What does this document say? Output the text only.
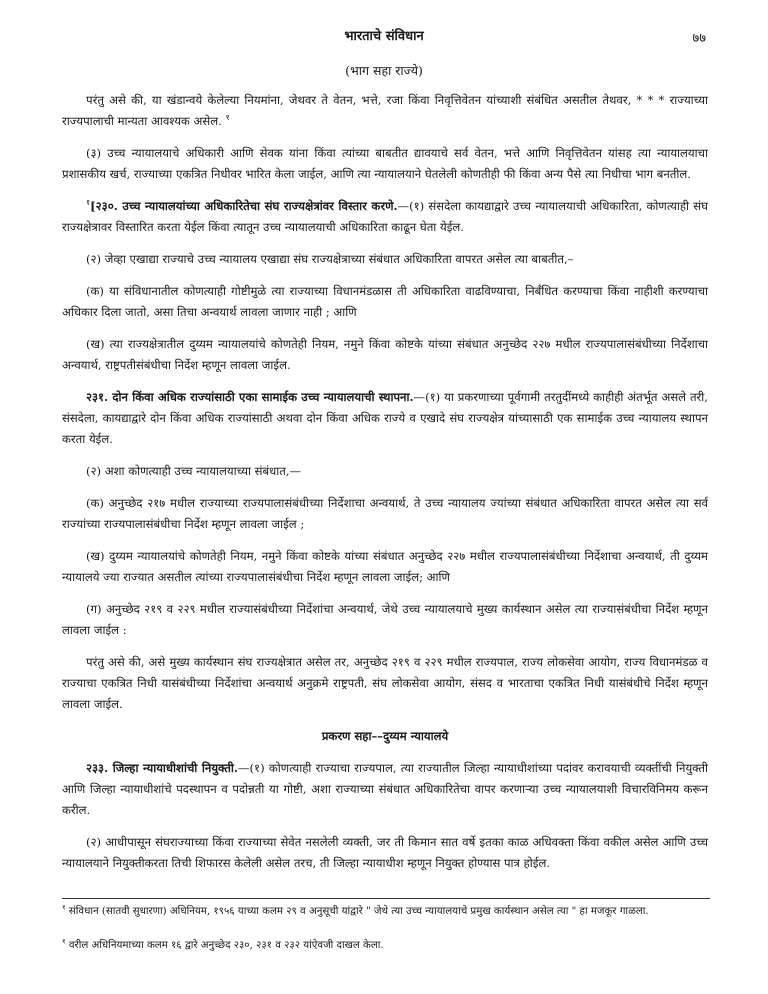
भारताचे संविधान	७७
(भाग सहा राज्ये)

परंतु असे की, या खंडान्वये केलेल्या नियमांना, जेथवर ते वेतन, भत्ते, रजा किंवा निवृत्तिवेतन यांच्याशी संबंधित असतील तेथवर, * * * राज्याच्या राज्यपालाची मान्यता आवश्यक असेल. $^१$

(३) उच्च न्यायालयाचे अधिकारी आणि सेवक यांना किंवा त्यांच्या बाबतीत द्यावयाचे सर्व वेतन, भत्ते आणि निवृत्तिवेतन यांसह त्या न्यायालयाचा प्रशासकीय खर्च, राज्याच्या एकत्रित निधीवर भारित केला जाईल, आणि त्या न्यायालयाने घेतलेली कोणतीही फी किंवा अन्य पैसे त्या निधीचा भाग बनतील.

$^१$[२३०. उच्च न्यायालयांच्या अधिकारितेचा संघ राज्यक्षेत्रांवर विस्तार करणे.—(१) संसदेला कायद्याद्वारे उच्च न्यायालयाची अधिकारिता, कोणत्याही संघ राज्यक्षेत्रावर विस्तारित करता येईल किंवा त्यातून उच्च न्यायालयाची अधिकारिता काढून घेता येईल.

(२) जेव्हा एखाद्या राज्याचे उच्च न्यायालय एखाद्या संघ राज्यक्षेत्राच्या संबंधात अधिकारिता वापरत असेल त्या बाबतीत,–

(क) या संविधानातील कोणत्याही गोष्टीमुळे त्या राज्याच्या विधानमंडळास ती अधिकारिता वाढविण्याचा, निर्बंधित करण्याचा किंवा नाहीशी करण्याचा अधिकार दिला जातो, असा तिचा अन्वयार्थ लावला जाणार नाही ; आणि

(ख) त्या राज्यक्षेत्रातील दुय्यम न्यायालयांचे कोणतेही नियम, नमुने किंवा कोष्टके यांच्या संबंधात अनुच्छेद २२७ मधील राज्यपालासंबंधीच्या निर्देशाचा अन्वयार्थ, राष्ट्रपतीसंबंधीचा निर्देश म्हणून लावला जाईल.

२३१. दोन किंवा अधिक राज्यांसाठी एका सामाईक उच्च न्यायालयाची स्थापना.—(१) या प्रकरणाच्या पूर्वगामी तरतुदींमध्ये काहीही अंतर्भूत असले तरी, संसदेला, कायद्याद्वारे दोन किंवा अधिक राज्यांसाठी अथवा दोन किंवा अधिक राज्ये व एखादे संघ राज्यक्षेत्र यांच्यासाठी एक सामाईक उच्च न्यायालय स्थापन करता येईल.

(२) अशा कोणत्याही उच्च न्यायालयाच्या संबंधात,—

(क) अनुच्छेद २१७ मधील राज्याच्या राज्यपालासंबंधीच्या निर्देशाचा अन्वयार्थ, ते उच्च न्यायालय ज्यांच्या संबंधात अधिकारिता वापरत असेल त्या सर्व राज्यांच्या राज्यपालासंबंधीचा निर्देश म्हणून लावला जाईल ;

(ख) दुय्यम न्यायालयांचे कोणतेही नियम, नमुने किंवा कोष्टके यांच्या संबंधात अनुच्छेद २२७ मधील राज्यपालासंबंधीच्या निर्देशाचा अन्वयार्थ, ती दुय्यम न्यायालये ज्या राज्यात असतील त्यांच्या राज्यपालासंबंधीचा निर्देश म्हणून लावला जाईल; आणि

(ग) अनुच्छेद २१९ व २२९ मधील राज्यासंबंधीच्या निर्देशांचा अन्वयार्थ, जेथे उच्च न्यायालयाचे मुख्य कार्यस्थान असेल त्या राज्यासंबंधीचा निर्देश म्हणून लावला जाईल :

परंतु असे की, असे मुख्य कार्यस्थान संघ राज्यक्षेत्रात असेल तर, अनुच्छेद २१९ व २२९ मधील राज्यपाल, राज्य लोकसेवा आयोग, राज्य विधानमंडळ व राज्याचा एकत्रित निधी यासंबंधीच्या निर्देशांचा अन्वयार्थ अनुक्रमे राष्ट्रपती, संघ लोकसेवा आयोग, संसद व भारताचा एकत्रित निधी यासंबंधीचे निर्देश म्हणून लावला जाईल.

प्रकरण सहा––दुय्यम न्यायालये

२३३. जिल्हा न्यायाधीशांची नियुक्ती.—(१) कोणत्याही राज्याचा राज्यपाल, त्या राज्यातील जिल्हा न्यायाधीशांच्या पदांवर करावयाची व्यक्तींची नियुक्ती आणि जिल्हा न्यायाधीशांचे पदस्थापन व पदोन्नती या गोष्टी, अशा राज्याच्या संबंधात अधिकारितेचा वापर करणाऱ्या उच्च न्यायालयाशी विचारविनिमय करून करील.

(२) आधीपासून संघराज्याच्या किंवा राज्याच्या सेवेत नसलेली व्यक्ती, जर ती किमान सात वर्षे इतका काळ अधिवक्ता किंवा वकील असेल आणि उच्च न्यायालयाने नियुक्तीकरता तिची शिफारस केलेली असेल तरच, ती जिल्हा न्यायाधीश म्हणून नियुक्त होण्यास पात्र होईल.

$^१$ संविधान (सातवी सुधारणा) अधिनियम, १९५६ याच्या कलम २९ व अनुसूची यांद्वारे " जेथे त्या उच्च न्यायालयाचे प्रमुख कार्यस्थान असेल त्या " हा मजकूर गाळला.
$^१$ वरील अधिनियमाच्या कलम १६ द्वारे अनुच्छेद २३०, २३१ व २३२ यांऐवजी दाखल केला.
